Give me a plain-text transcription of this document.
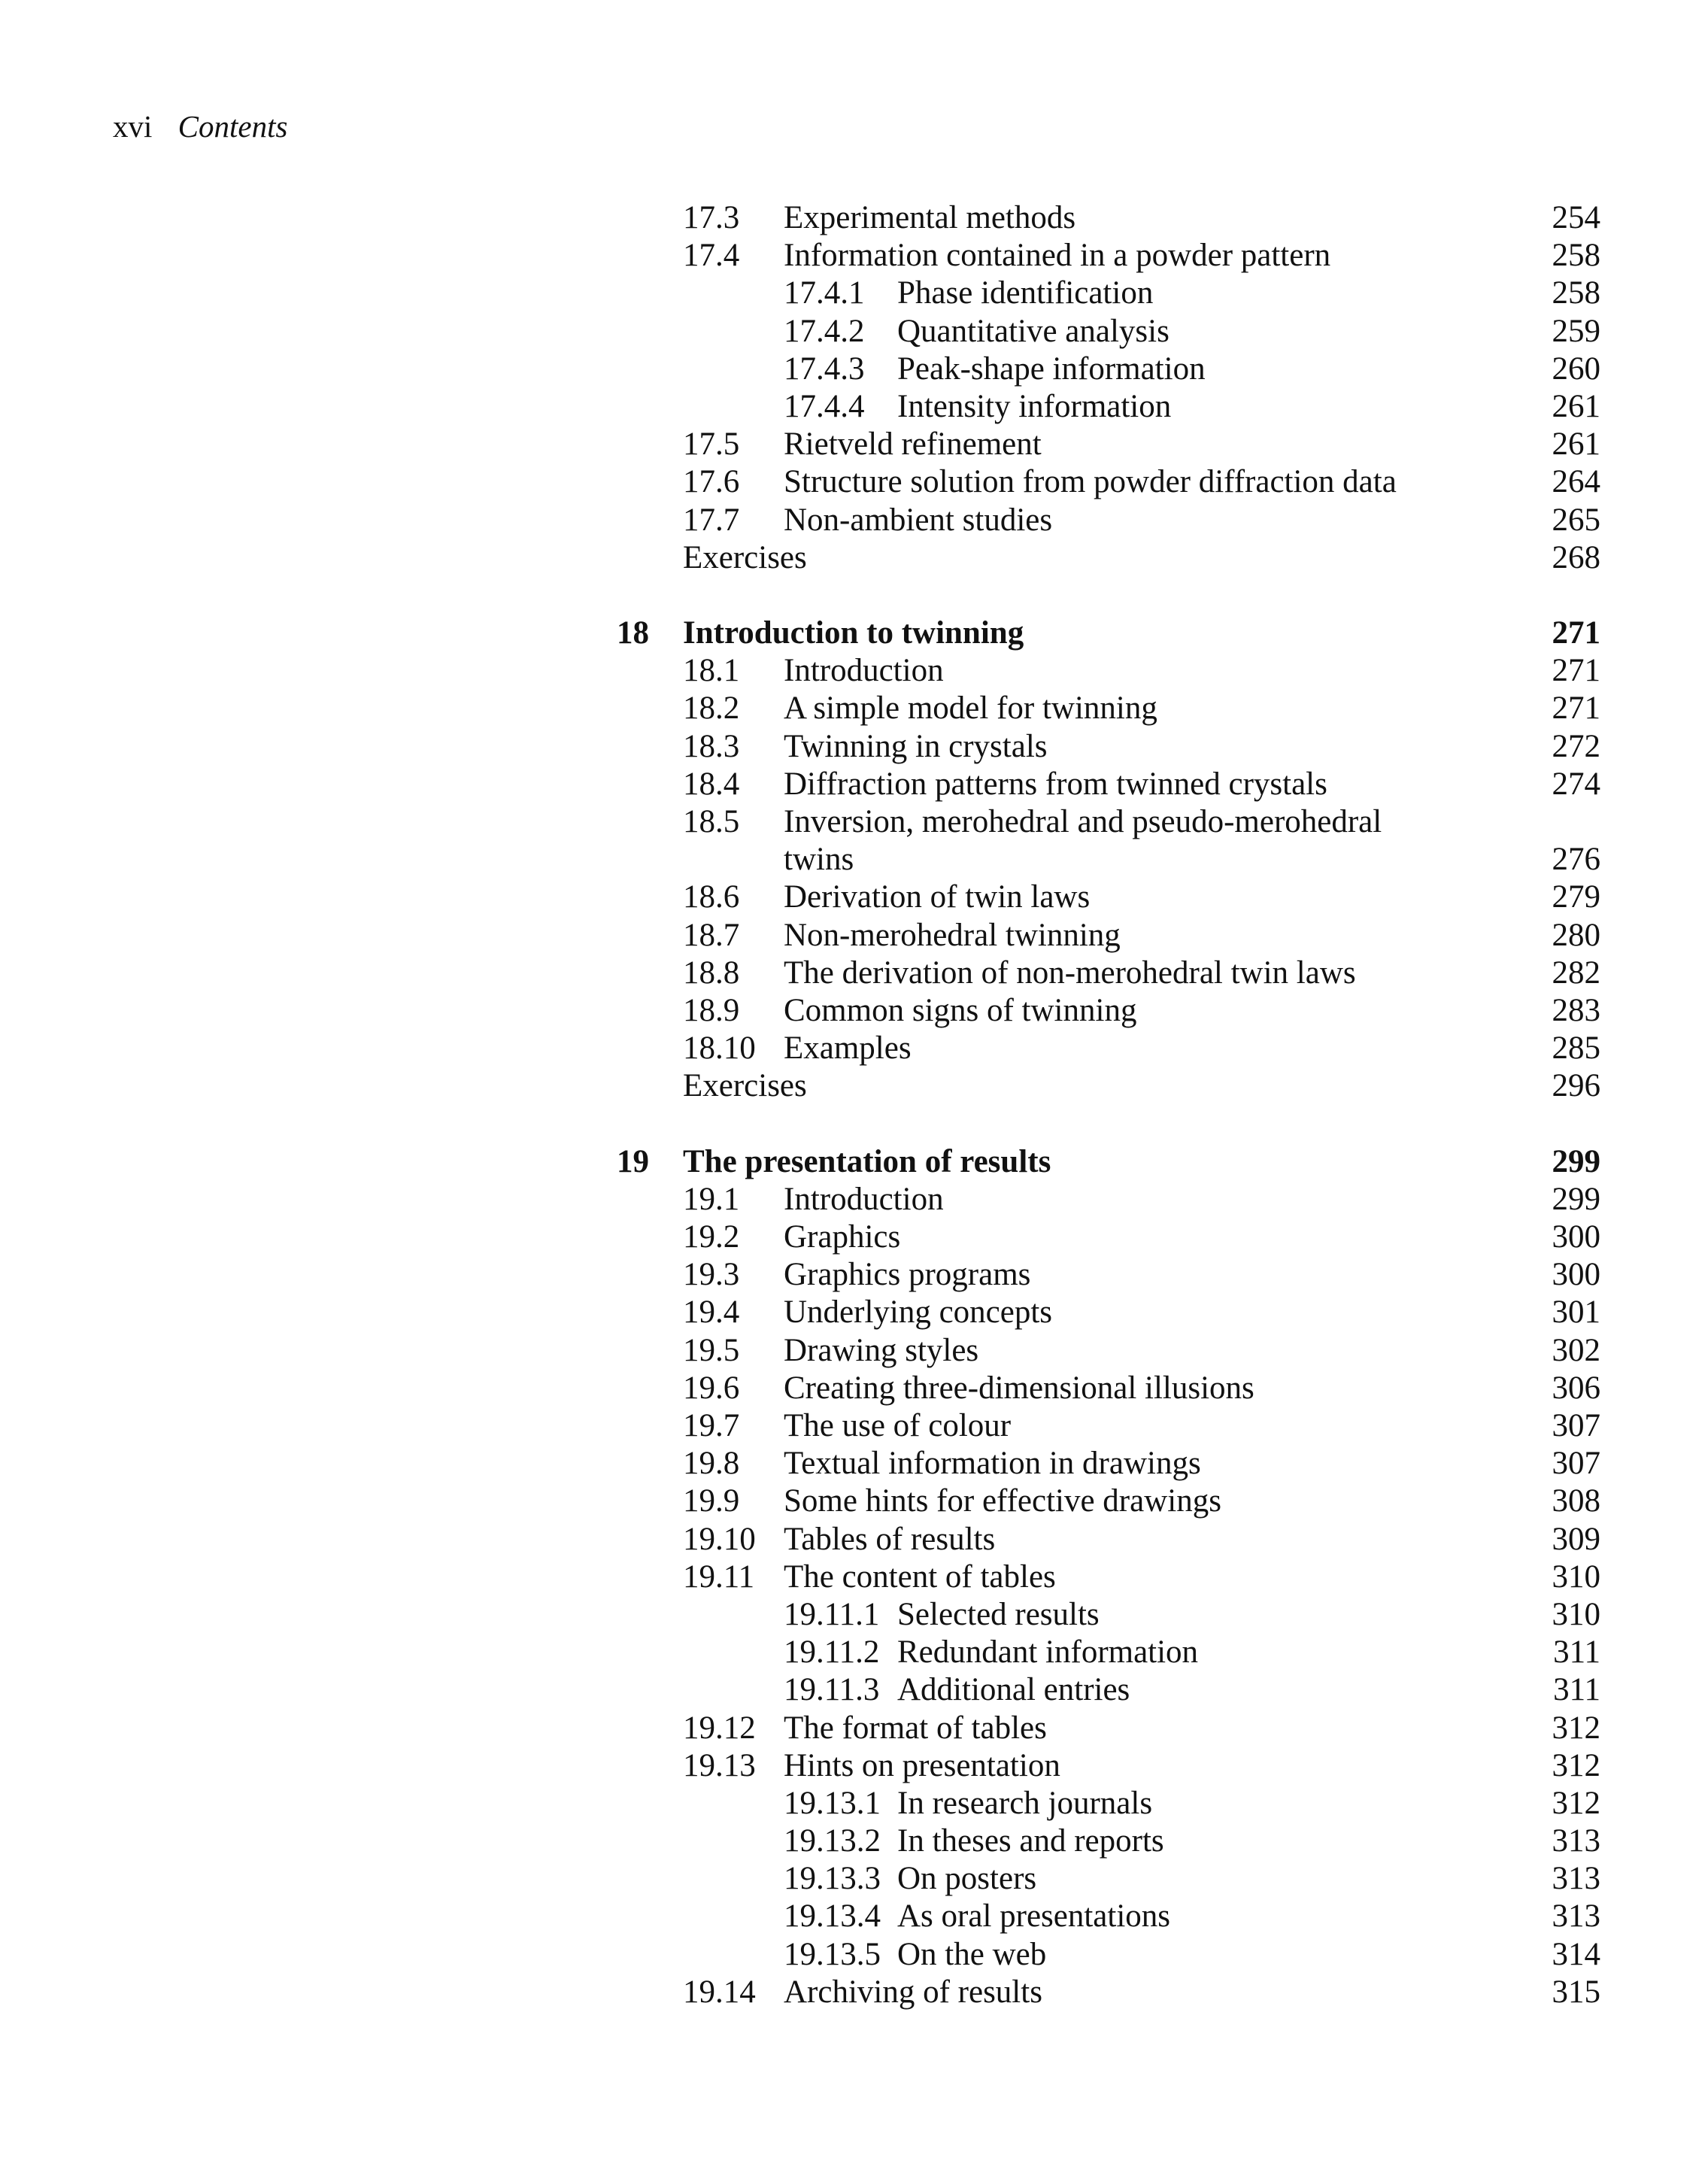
xvi Contents
17.3 Experimental methods	254
17.4 Information contained in a powder pattern	258
17.4.1 Phase identification	258
17.4.2 Quantitative analysis	259
17.4.3 Peak-shape information	260
17.4.4 Intensity information	261
17.5 Rietveld refinement	261
17.6 Structure solution from powder diffraction data	264
17.7 Non-ambient studies	265
Exercises	268
18 Introduction to twinning	271
18.1 Introduction	271
18.2 A simple model for twinning	271
18.3 Twinning in crystals	272
18.4 Diffraction patterns from twinned crystals	274
18.5 Inversion, merohedral and pseudo-merohedral
twins	276
18.6 Derivation of twin laws	279
18.7 Non-merohedral twinning	280
18.8 The derivation of non-merohedral twin laws	282
18.9 Common signs of twinning	283
18.10 Examples	285
Exercises	296
19 The presentation of results	299
19.1 Introduction	299
19.2 Graphics	300
19.3 Graphics programs	300
19.4 Underlying concepts	301
19.5 Drawing styles	302
19.6 Creating three-dimensional illusions	306
19.7 The use of colour	307
19.8 Textual information in drawings	307
19.9 Some hints for effective drawings	308
19.10 Tables of results	309
19.11 The content of tables	310
19.11.1 Selected results	310
19.11.2 Redundant information	311
19.11.3 Additional entries	311
19.12 The format of tables	312
19.13 Hints on presentation	312
19.13.1 In research journals	312
19.13.2 In theses and reports	313
19.13.3 On posters	313
19.13.4 As oral presentations	313
19.13.5 On the web	314
19.14 Archiving of results	315
